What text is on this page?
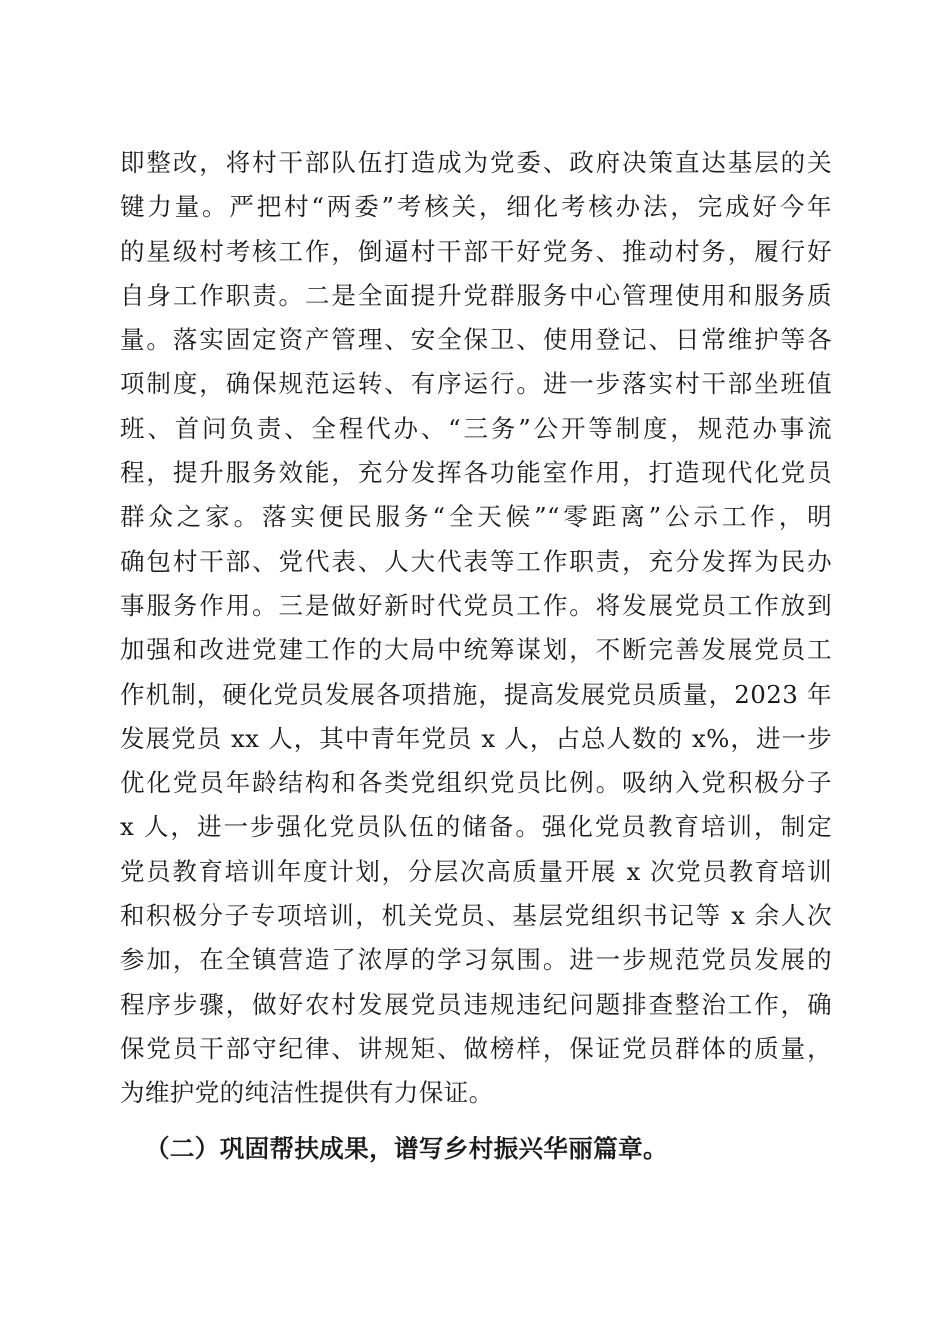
即整改，将村干部队伍打造成为党委、政府决策直达基层的关
键力量。严把村“两委”考核关，细化考核办法，完成好今年
的星级村考核工作，倒逼村干部干好党务、推动村务，履行好
自身工作职责。二是全面提升党群服务中心管理使用和服务质
量。落实固定资产管理、安全保卫、使用登记、日常维护等各
项制度，确保规范运转、有序运行。进一步落实村干部坐班值
班、首问负责、全程代办、“三务”公开等制度，规范办事流
程，提升服务效能，充分发挥各功能室作用，打造现代化党员
群众之家。落实便民服务“全天候”“零距离”公示工作，明
确包村干部、党代表、人大代表等工作职责，充分发挥为民办
事服务作用。三是做好新时代党员工作。将发展党员工作放到
加强和改进党建工作的大局中统筹谋划，不断完善发展党员工
作机制，硬化党员发展各项措施，提高发展党员质量，2023 年
发展党员 xx 人，其中青年党员 x 人，占总人数的 x%，进一步
优化党员年龄结构和各类党组织党员比例。吸纳入党积极分子
x 人，进一步强化党员队伍的储备。强化党员教育培训，制定
党员教育培训年度计划，分层次高质量开展 x 次党员教育培训
和积极分子专项培训，机关党员、基层党组织书记等 x 余人次
参加，在全镇营造了浓厚的学习氛围。进一步规范党员发展的
程序步骤，做好农村发展党员违规违纪问题排查整治工作，确
保党员干部守纪律、讲规矩、做榜样，保证党员群体的质量，
为维护党的纯洁性提供有力保证。
（二）巩固帮扶成果，谱写乡村振兴华丽篇章。
